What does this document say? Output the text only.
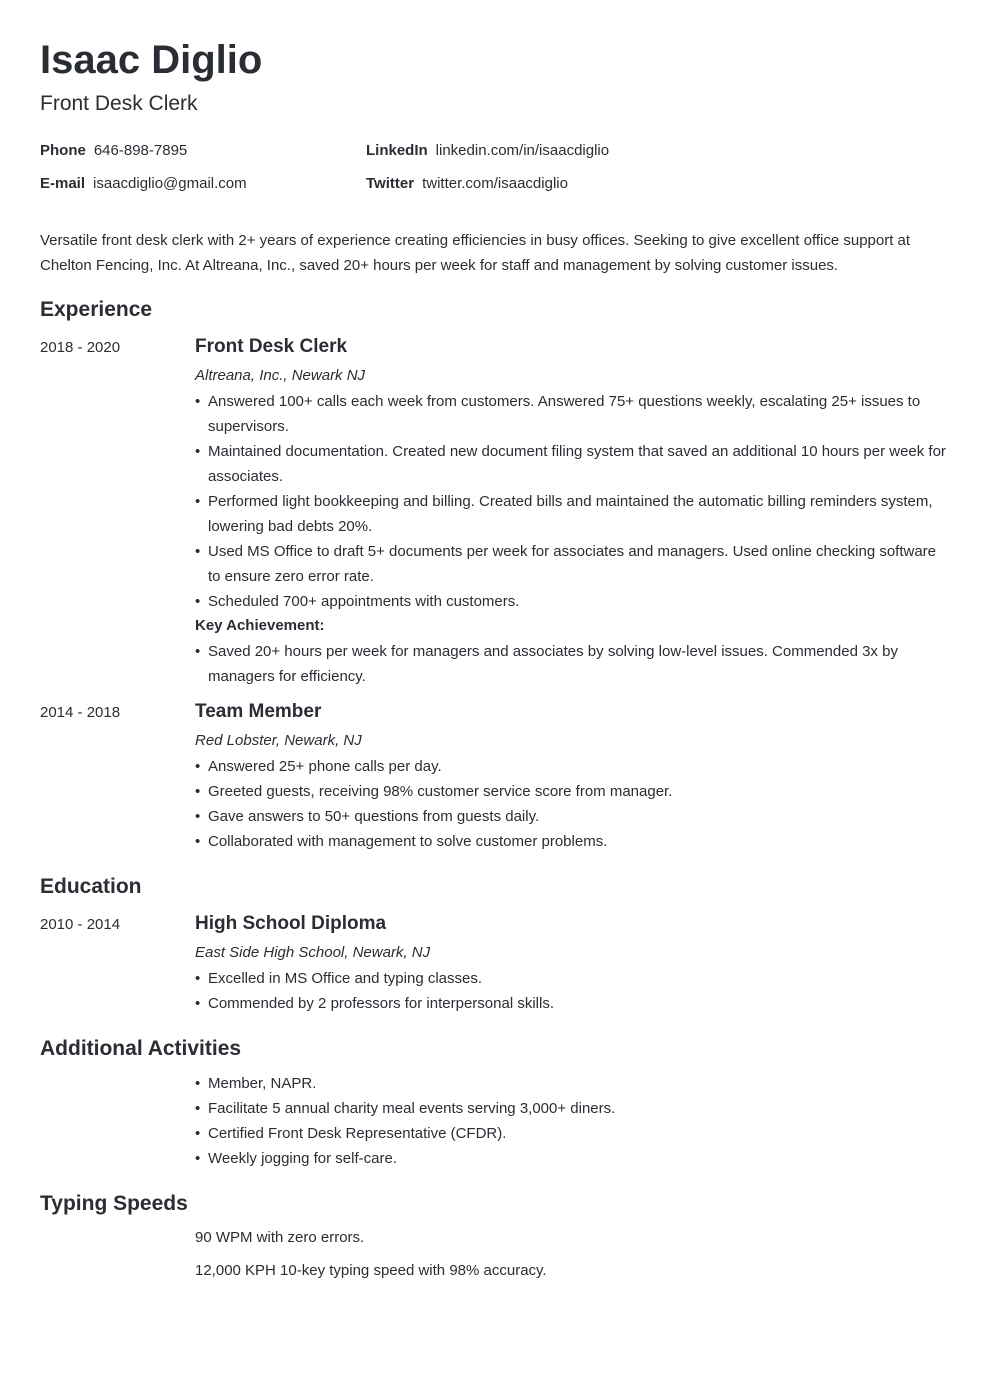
Isaac Diglio
Front Desk Clerk
Phone 646-898-7895
E-mail isaacdiglio@gmail.com
LinkedIn linkedin.com/in/isaacdiglio
Twitter twitter.com/isaacdiglio
Versatile front desk clerk with 2+ years of experience creating efficiencies in busy offices. Seeking to give excellent office support at Chelton Fencing, Inc. At Altreana, Inc., saved 20+ hours per week for staff and management by solving customer issues.
Experience
2018 - 2020	Front Desk Clerk
Altreana, Inc., Newark NJ
• Answered 100+ calls each week from customers. Answered 75+ questions weekly, escalating 25+ issues to supervisors.
• Maintained documentation. Created new document filing system that saved an additional 10 hours per week for associates.
• Performed light bookkeeping and billing. Created bills and maintained the automatic billing reminders system, lowering bad debts 20%.
• Used MS Office to draft 5+ documents per week for associates and managers. Used online checking software to ensure zero error rate.
• Scheduled 700+ appointments with customers.
Key Achievement:
• Saved 20+ hours per week for managers and associates by solving low-level issues. Commended 3x by managers for efficiency.
2014 - 2018	Team Member
Red Lobster, Newark, NJ
• Answered 25+ phone calls per day.
• Greeted guests, receiving 98% customer service score from manager.
• Gave answers to 50+ questions from guests daily.
• Collaborated with management to solve customer problems.
Education
2010 - 2014	High School Diploma
East Side High School, Newark, NJ
• Excelled in MS Office and typing classes.
• Commended by 2 professors for interpersonal skills.
Additional Activities
• Member, NAPR.
• Facilitate 5 annual charity meal events serving 3,000+ diners.
• Certified Front Desk Representative (CFDR).
• Weekly jogging for self-care.
Typing Speeds
90 WPM with zero errors.
12,000 KPH 10-key typing speed with 98% accuracy.
